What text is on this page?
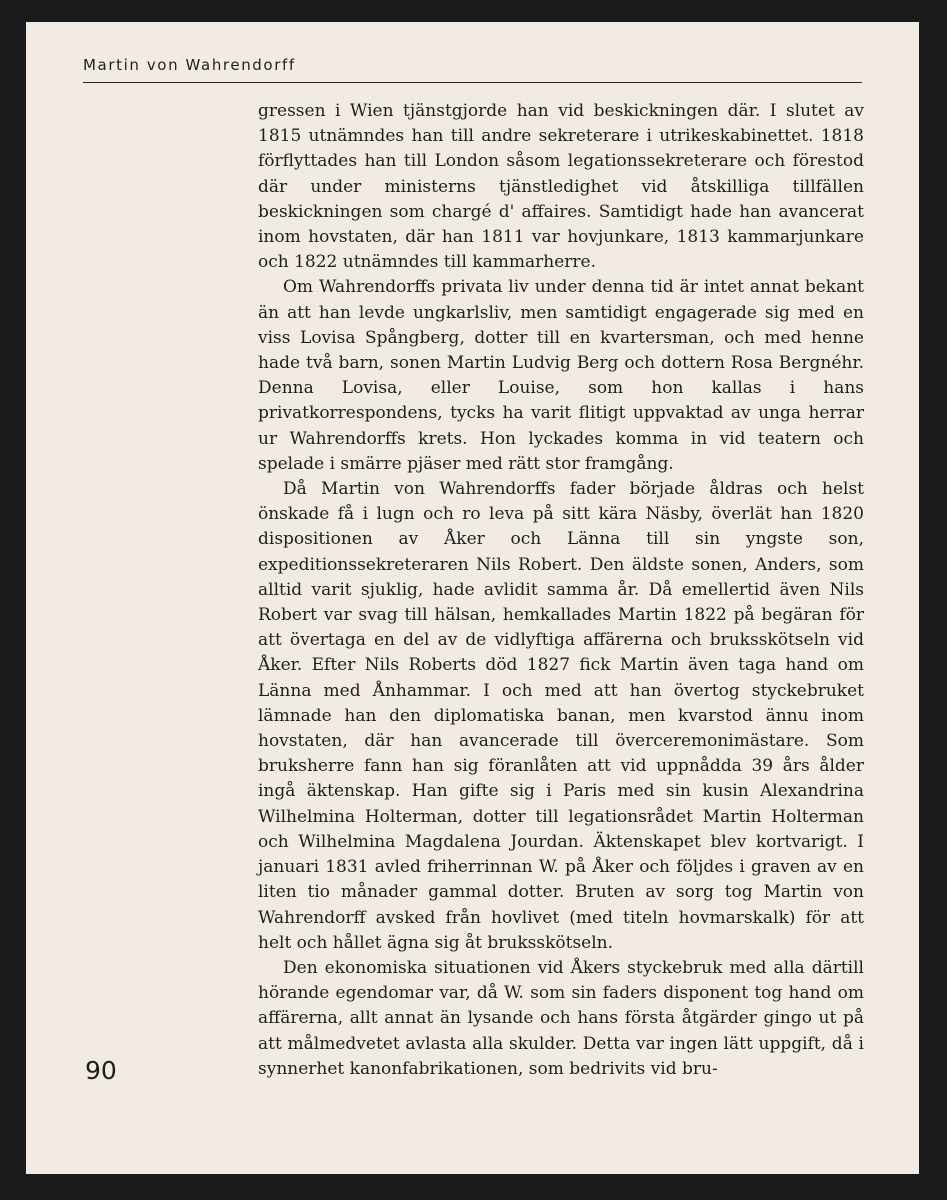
Martin von Wahrendorff

gressen i Wien tjänstgjorde han vid beskickningen där. I slutet av 1815 utnämndes han till andre sekreterare i utrikeskabinettet. 1818 förflyttades han till London såsom legationssekreterare och förestod där under ministerns tjänstledighet vid åtskilliga tillfällen beskickningen som chargé d' affaires. Samtidigt hade han avancerat inom hovstaten, där han 1811 var hovjunkare, 1813 kammarjunkare och 1822 utnämndes till kammarherre.

Om Wahrendorffs privata liv under denna tid är intet annat bekant än att han levde ungkarlsliv, men samtidigt engagerade sig med en viss Lovisa Spångberg, dotter till en kvartersman, och med henne hade två barn, sonen Martin Ludvig Berg och dottern Rosa Bergnéhr. Denna Lovisa, eller Louise, som hon kallas i hans privatkorrespondens, tycks ha varit flitigt uppvaktad av unga herrar ur Wahrendorffs krets. Hon lyckades komma in vid teatern och spelade i smärre pjäser med rätt stor framgång.

Då Martin von Wahrendorffs fader började åldras och helst önskade få i lugn och ro leva på sitt kära Näsby, överlät han 1820 dispositionen av Åker och Länna till sin yngste son, expeditionssekreteraren Nils Robert. Den äldste sonen, Anders, som alltid varit sjuklig, hade avlidit samma år. Då emellertid även Nils Robert var svag till hälsan, hemkallades Martin 1822 på begäran för att övertaga en del av de vidlyftiga affärerna och bruksskötseln vid Åker. Efter Nils Roberts död 1827 fick Martin även taga hand om Länna med Ånhammar. I och med att han övertog styckebruket lämnade han den diplomatiska banan, men kvarstod ännu inom hovstaten, där han avancerade till överceremonimästare. Som bruksherre fann han sig föranlåten att vid uppnådda 39 års ålder ingå äktenskap. Han gifte sig i Paris med sin kusin Alexandrina Wilhelmina Holterman, dotter till legationsrådet Martin Holterman och Wilhelmina Magdalena Jourdan. Äktenskapet blev kortvarigt. I januari 1831 avled friherrinnan W. på Åker och följdes i graven av en liten tio månader gammal dotter. Bruten av sorg tog Martin von Wahrendorff avsked från hovlivet (med titeln hovmarskalk) för att helt och hållet ägna sig åt bruksskötseln.

Den ekonomiska situationen vid Åkers styckebruk med alla därtill hörande egendomar var, då W. som sin faders disponent tog hand om affärerna, allt annat än lysande och hans första åtgärder gingo ut på att målmedvetet avlasta alla skulder. Detta var ingen lätt uppgift, då i synnerhet kanonfabrikationen, som bedrivits vid bru-

90
